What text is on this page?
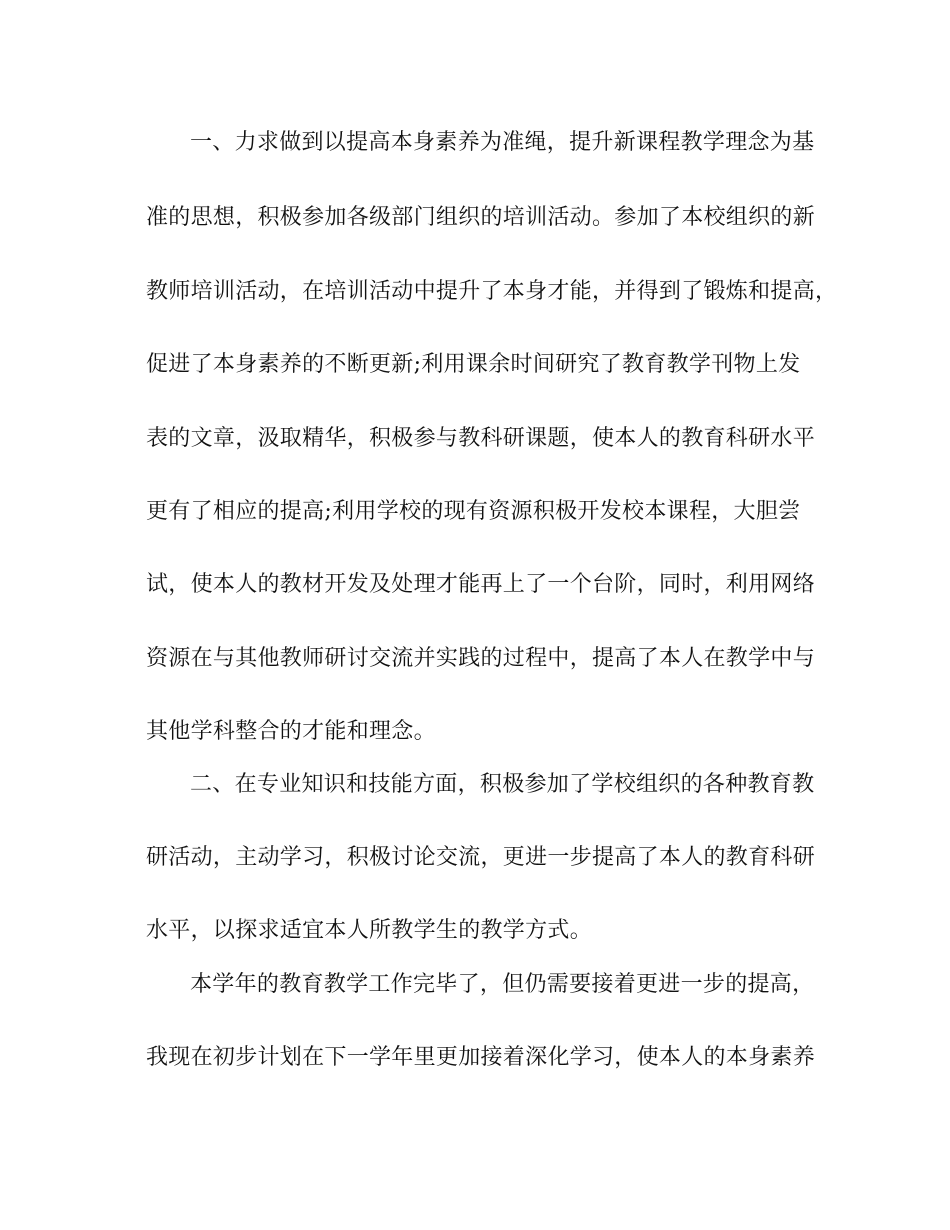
一、力求做到以提高本身素养为准绳，提升新课程教学理念为基
准的思想，积极参加各级部门组织的培训活动。参加了本校组织的新
教师培训活动，在培训活动中提升了本身才能，并得到了锻炼和提高，
促进了本身素养的不断更新;利用课余时间研究了教育教学刊物上发
表的文章，汲取精华，积极参与教科研课题，使本人的教育科研水平
更有了相应的提高;利用学校的现有资源积极开发校本课程，大胆尝
试，使本人的教材开发及处理才能再上了一个台阶，同时，利用网络
资源在与其他教师研讨交流并实践的过程中，提高了本人在教学中与
其他学科整合的才能和理念。
二、在专业知识和技能方面，积极参加了学校组织的各种教育教
研活动，主动学习，积极讨论交流，更进一步提高了本人的教育科研
水平，以探求适宜本人所教学生的教学方式。
本学年的教育教学工作完毕了，但仍需要接着更进一步的提高，
我现在初步计划在下一学年里更加接着深化学习，使本人的本身素养
